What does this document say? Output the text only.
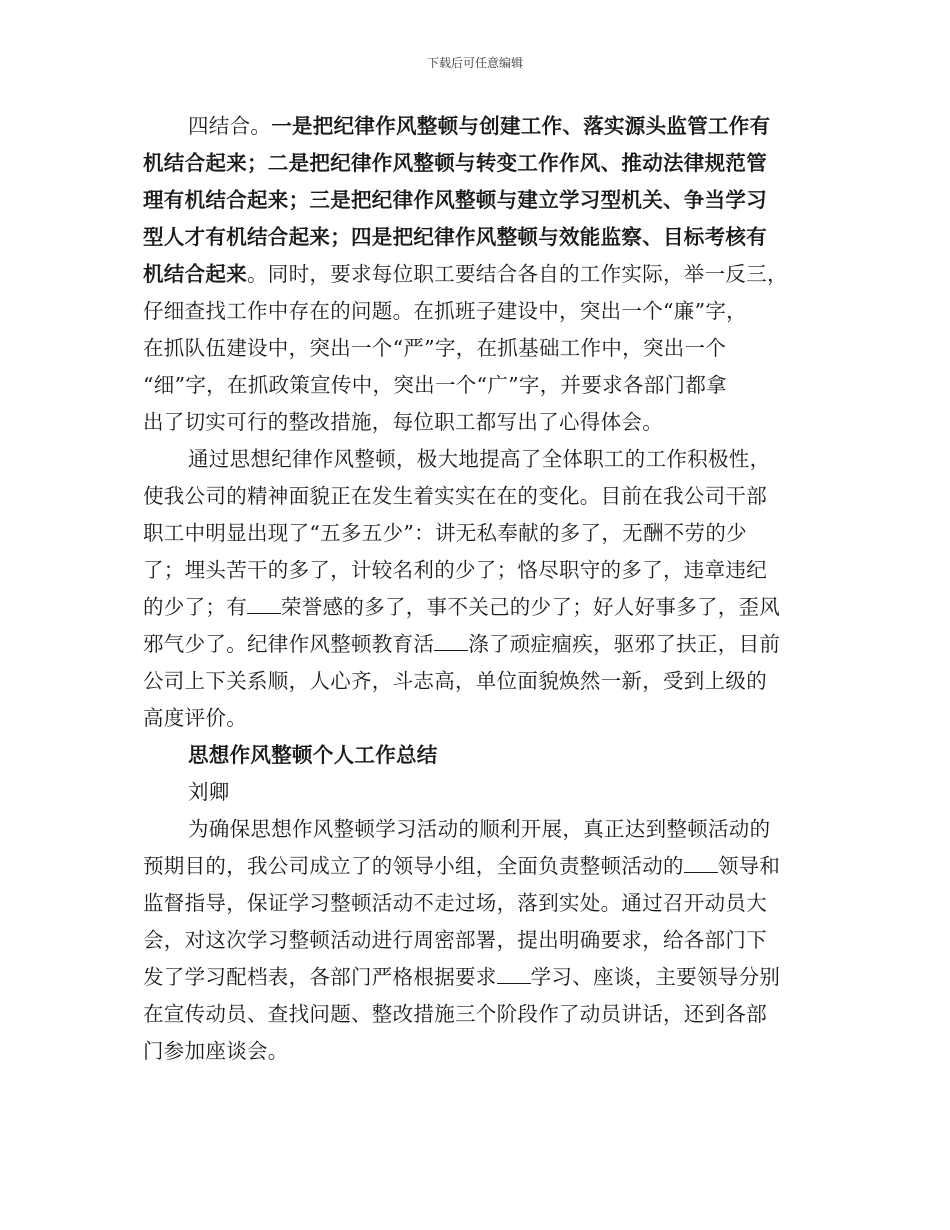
下载后可任意编辑
四结合。一是把纪律作风整顿与创建工作、落实源头监管工作有
机结合起来；二是把纪律作风整顿与转变工作作风、推动法律规范管
理有机结合起来；三是把纪律作风整顿与建立学习型机关、争当学习
型人才有机结合起来；四是把纪律作风整顿与效能监察、目标考核有
机结合起来。同时，要求每位职工要结合各自的工作实际，举一反三，
仔细查找工作中存在的问题。在抓班子建设中，突出一个“廉”字，
在抓队伍建设中，突出一个“严”字，在抓基础工作中，突出一个
“细”字，在抓政策宣传中，突出一个“广”字，并要求各部门都拿
出了切实可行的整改措施，每位职工都写出了心得体会。
通过思想纪律作风整顿，极大地提高了全体职工的工作积极性，
使我公司的精神面貌正在发生着实实在在的变化。目前在我公司干部
职工中明显出现了“五多五少”：讲无私奉献的多了，无酬不劳的少
了；埋头苦干的多了，计较名利的少了；恪尽职守的多了，违章违纪
的少了；有 荣誉感的多了，事不关己的少了；好人好事多了，歪风
邪气少了。纪律作风整顿教育活 涤了顽症痼疾，驱邪了扶正，目前
公司上下关系顺，人心齐，斗志高，单位面貌焕然一新，受到上级的
高度评价。
思想作风整顿个人工作总结
刘卿
为确保思想作风整顿学习活动的顺利开展，真正达到整顿活动的
预期目的，我公司成立了的领导小组，全面负责整顿活动的 领导和
监督指导，保证学习整顿活动不走过场，落到实处。通过召开动员大
会，对这次学习整顿活动进行周密部署，提出明确要求，给各部门下
发了学习配档表，各部门严格根据要求 学习、座谈，主要领导分别
在宣传动员、查找问题、整改措施三个阶段作了动员讲话，还到各部
门参加座谈会。
